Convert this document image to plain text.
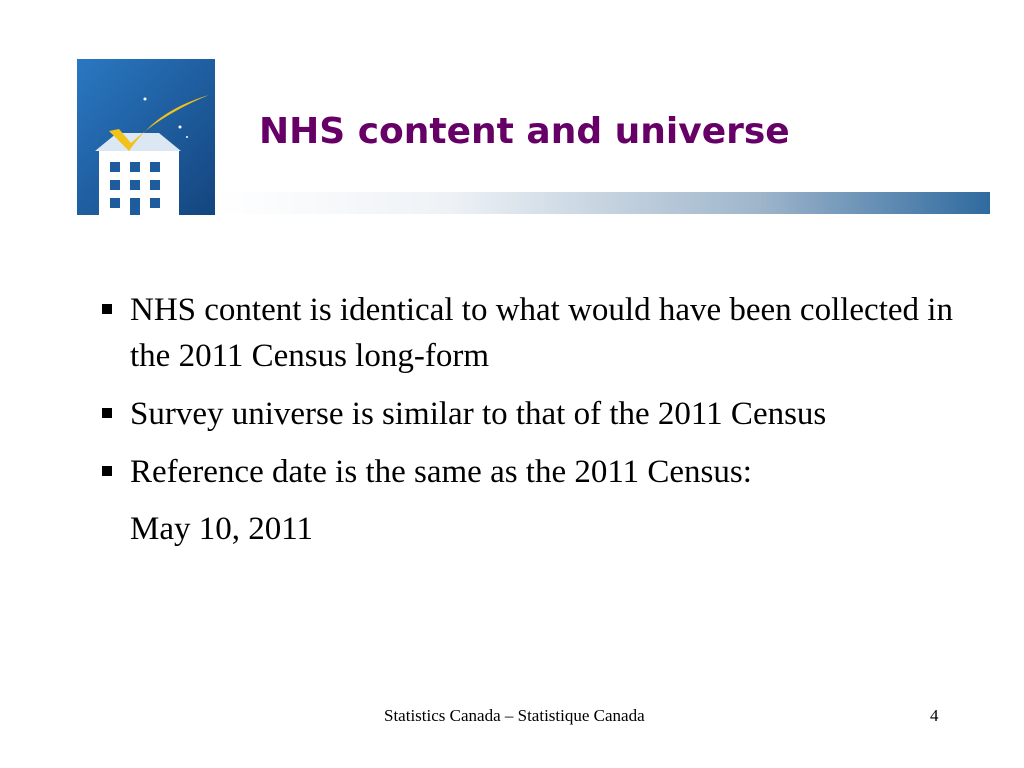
NHS content and universe
NHS content is identical to what would have been collected in the 2011 Census long-form
Survey universe is similar to that of the 2011 Census
Reference date is the same as the 2011 Census:
May 10, 2011
Statistics Canada – Statistique Canada	4
